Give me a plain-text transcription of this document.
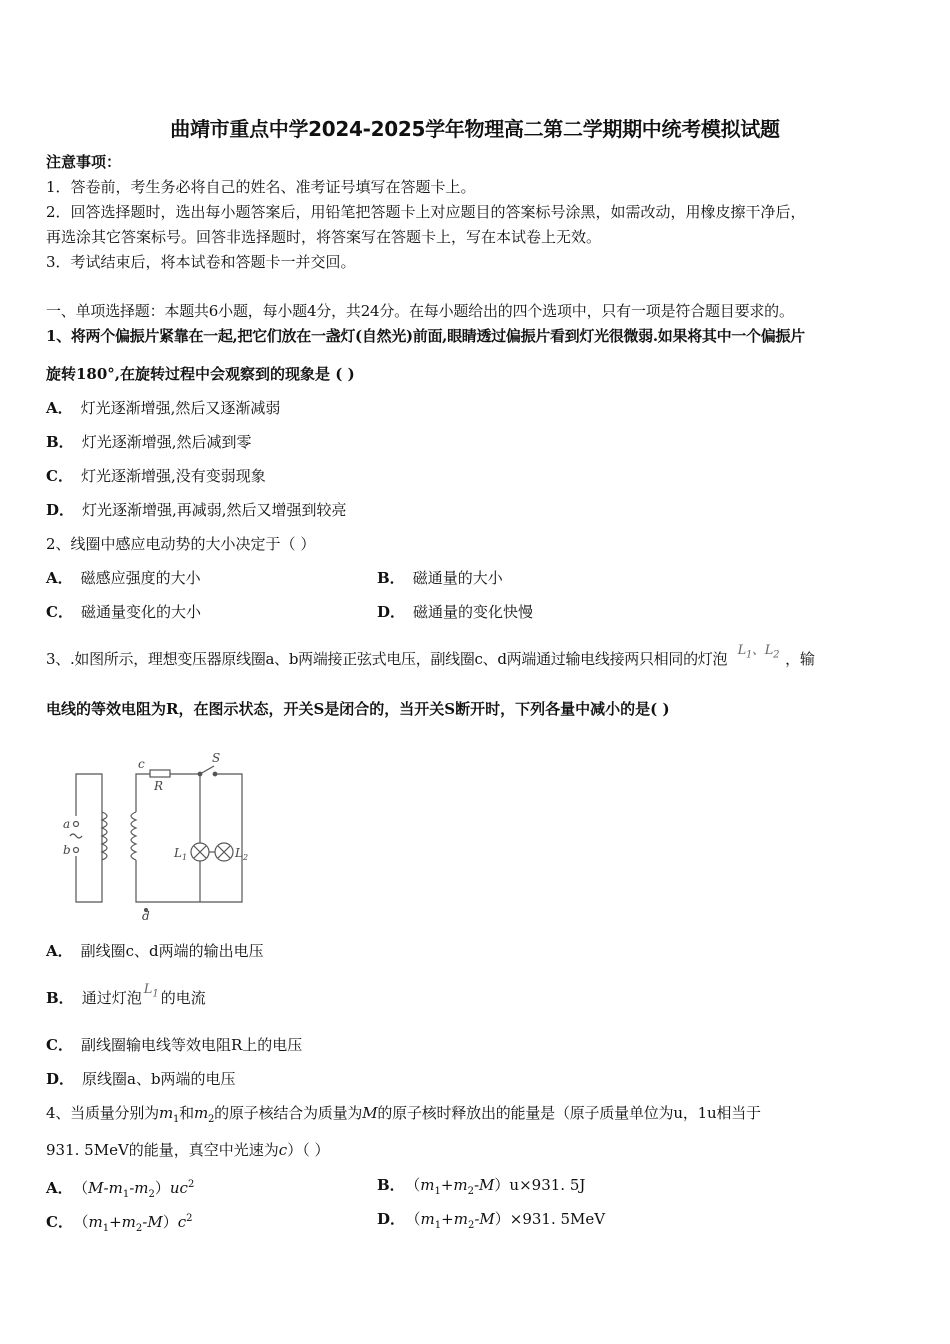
曲靖市重点中学2024-2025学年物理高二第二学期期中统考模拟试题
注意事项：
1．答卷前，考生务必将自己的姓名、准考证号填写在答题卡上。
2．回答选择题时，选出每小题答案后，用铅笔把答题卡上对应题目的答案标号涂黑，如需改动，用橡皮擦干净后，
再选涂其它答案标号。回答非选择题时，将答案写在答题卡上，写在本试卷上无效。
3．考试结束后，将本试卷和答题卡一并交回。
一、单项选择题：本题共6小题，每小题4分，共24分。在每小题给出的四个选项中，只有一项是符合题目要求的。
1、将两个偏振片紧靠在一起,把它们放在一盏灯(自然光)前面,眼睛透过偏振片看到灯光很微弱.如果将其中一个偏振片
旋转180°,在旋转过程中会观察到的现象是 ( )
A． 灯光逐渐增强,然后又逐渐减弱
B． 灯光逐渐增强,然后减到零
C． 灯光逐渐增强,没有变弱现象
D． 灯光逐渐增强,再减弱,然后又增强到较亮
2、线圈中感应电动势的大小决定于（ ）
A． 磁感应强度的大小	B． 磁通量的大小
C． 磁通量变化的大小	D． 磁通量的变化快慢
3、.如图所示，理想变压器原线圈a、b两端接正弦式电压，副线圈c、d两端通过输电线接两只相同的灯泡 $L_1$、$L_2$ ，输
电线的等效电阻为R，在图示状态，开关S是闭合的，当开关S断开时，下列各量中减小的是( )
a
b
c
d
R
S
$L_1$	$L_2$
A． 副线圈c、d两端的输出电压
B． 通过灯泡 $L_1$ 的电流
C． 副线圈输电线等效电阻R上的电压
D． 原线圈a、b两端的电压
4、当质量分别为$m_1$和$m_2$的原子核结合为质量为M的原子核时释放出的能量是（原子质量单位为u，1u相当于
931. 5MeV的能量，真空中光速为c）（ ）
A． $(M-m_1-m_2)uc^2$	B． $(m_1+m_2-M)u\times 931$. 5J
C． $(m_1+m_2-M)c^2$	D． $(m_1+m_2-M)\times 931$. 5MeV
